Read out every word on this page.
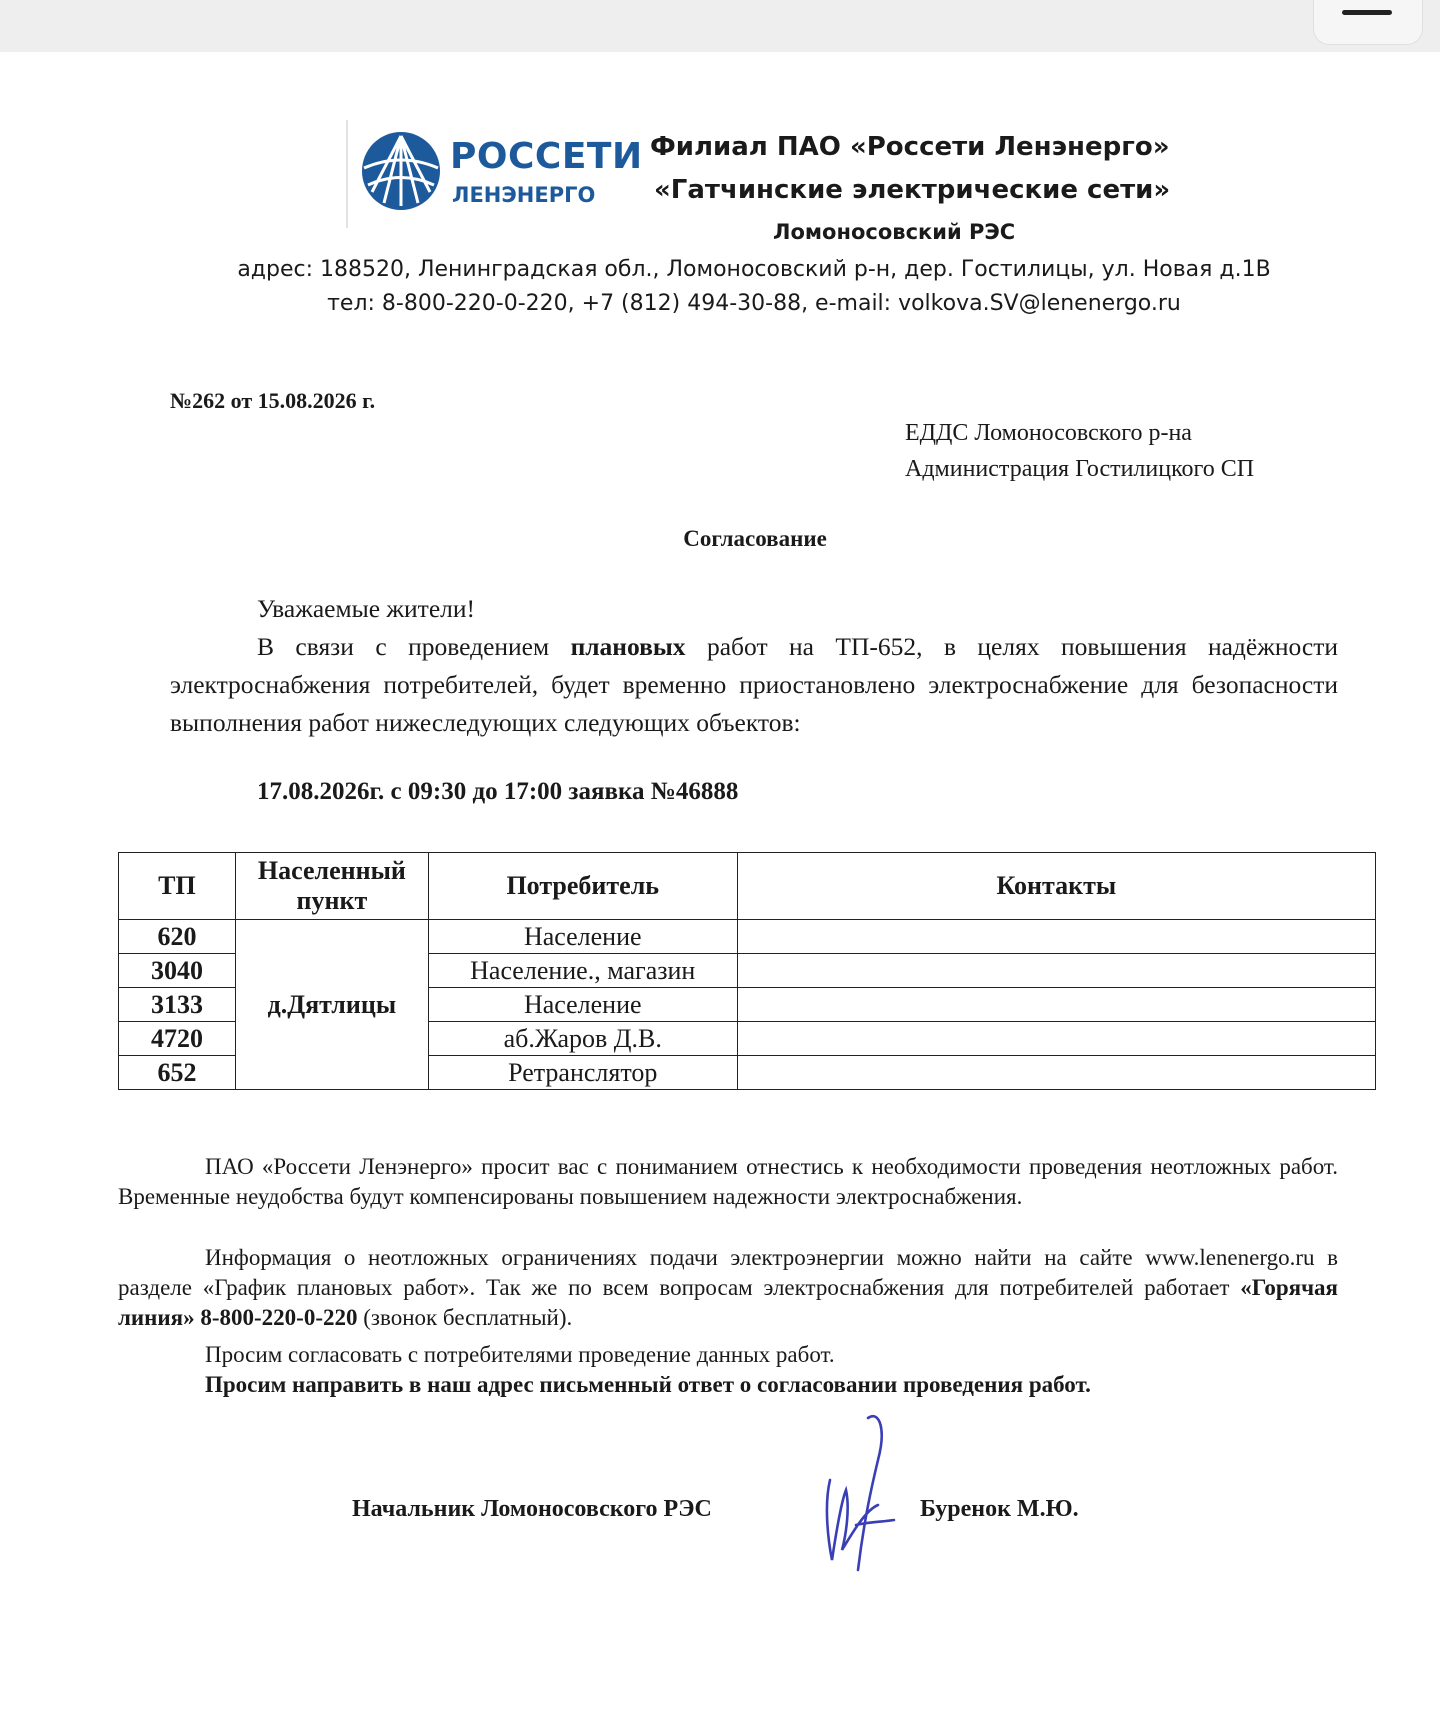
РОССЕТИ
ЛЕНЭНЕРГО
Филиал ПАО «Россети Ленэнерго»
«Гатчинские электрические сети»
Ломоносовский РЭС
адрес: 188520, Ленинградская обл., Ломоносовский р-н, дер. Гостилицы, ул. Новая д.1В
тел: 8-800-220-0-220, +7 (812) 494-30-88, e-mail: volkova.SV@lenenergo.ru
№262 от 15.08.2026 г.
ЕДДС Ломоносовского р-на
Администрация Гостилицкого СП
Согласование
Уважаемые жители!
В связи с проведением плановых работ на ТП-652, в целях повышения надёжности электроснабжения потребителей, будет временно приостановлено электроснабжение для безопасности выполнения работ нижеследующих следующих объектов:
17.08.2026г. с 09:30 до 17:00 заявка №46888
ТП	Населенный пункт	Потребитель	Контакты
620	д.Дятлицы	Население	
3040		Население., магазин	
3133		Население	
4720		аб.Жаров Д.В.	
652		Ретранслятор	
ПАО «Россети Ленэнерго» просит вас с пониманием отнестись к необходимости проведения неотложных работ. Временные неудобства будут компенсированы повышением надежности электроснабжения.
Информация о неотложных ограничениях подачи электроэнергии можно найти на сайте www.lenenergo.ru в разделе «График плановых работ». Так же по всем вопросам электроснабжения для потребителей работает «Горячая линия» 8-800-220-0-220 (звонок бесплатный).
Просим согласовать с потребителями проведение данных работ.
Просим направить в наш адрес письменный ответ о согласовании проведения работ.
Начальник Ломоносовского РЭС	Буренок М.Ю.
